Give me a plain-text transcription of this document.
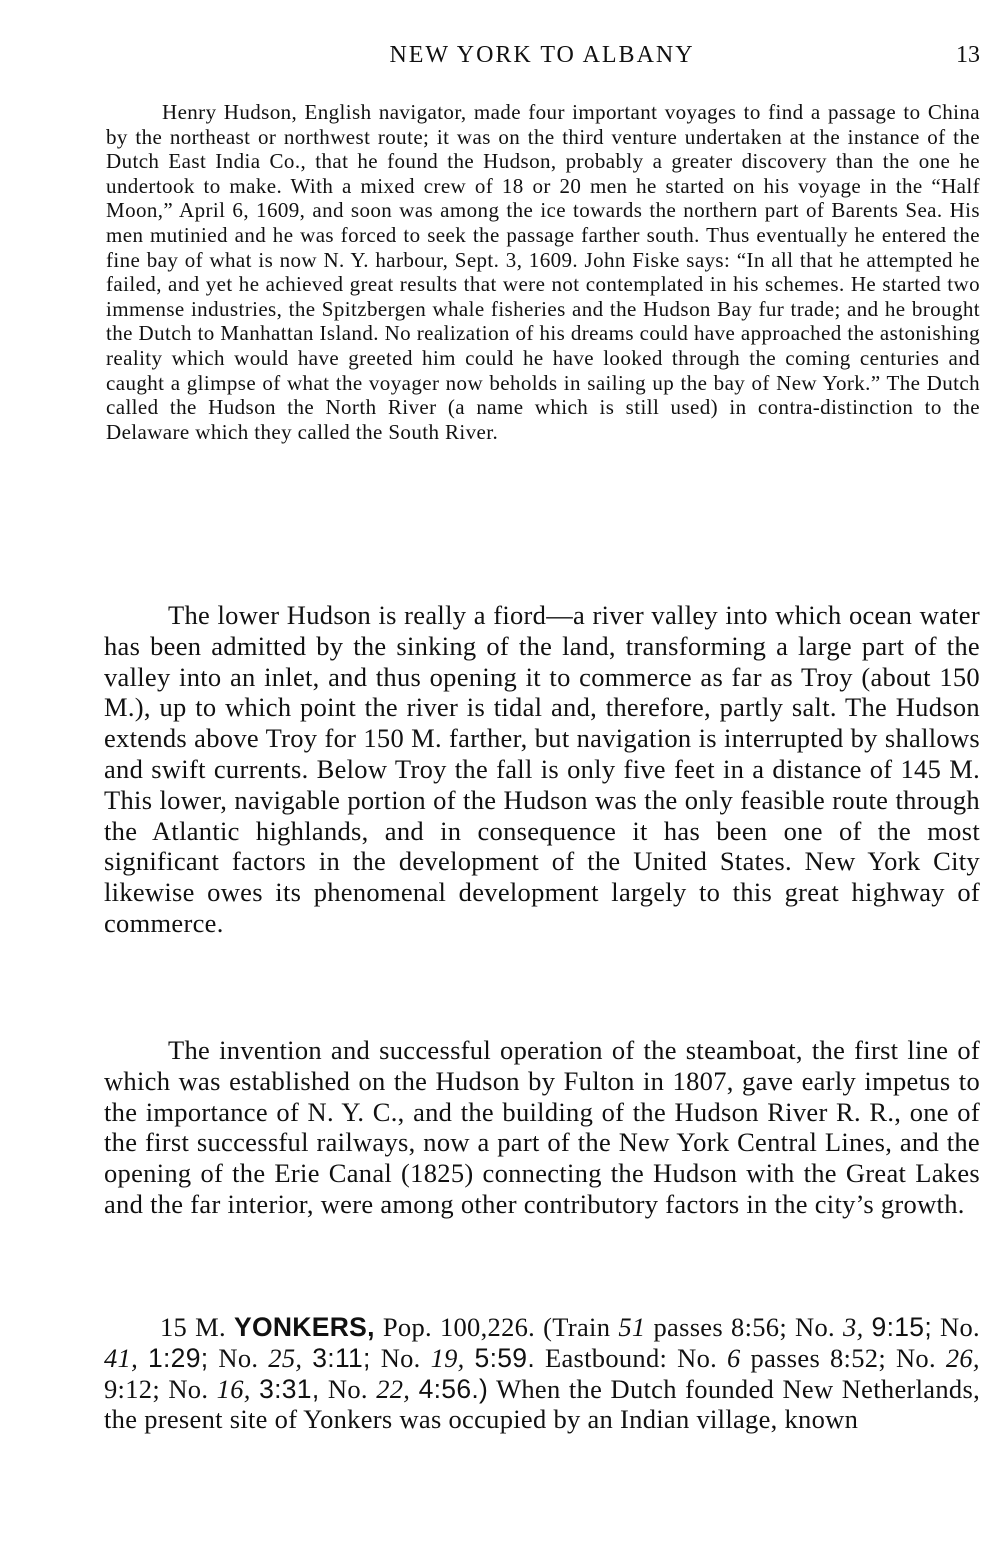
NEW YORK TO ALBANY	13

Henry Hudson, English navigator, made four important voyages to find a passage to China by the northeast or northwest route; it was on the third venture undertaken at the instance of the Dutch East India Co., that he found the Hudson, probably a greater discovery than the one he undertook to make. With a mixed crew of 18 or 20 men he started on his voyage in the “Half Moon,” April 6, 1609, and soon was among the ice towards the northern part of Barents Sea. His men mutinied and he was forced to seek the passage farther south. Thus eventually he entered the fine bay of what is now N. Y. harbour, Sept. 3, 1609. John Fiske says: “In all that he attempted he failed, and yet he achieved great results that were not contemplated in his schemes. He started two immense industries, the Spitzbergen whale fisheries and the Hudson Bay fur trade; and he brought the Dutch to Manhattan Island. No realization of his dreams could have approached the astonishing reality which would have greeted him could he have looked through the coming centuries and caught a glimpse of what the voyager now beholds in sailing up the bay of New York.” The Dutch called the Hudson the North River (a name which is still used) in contra-distinction to the Delaware which they called the South River.

The lower Hudson is really a fiord—a river valley into which ocean water has been admitted by the sinking of the land, transforming a large part of the valley into an inlet, and thus opening it to commerce as far as Troy (about 150 M.), up to which point the river is tidal and, therefore, partly salt. The Hudson extends above Troy for 150 M. farther, but navigation is interrupted by shallows and swift currents. Below Troy the fall is only five feet in a distance of 145 M. This lower, navigable portion of the Hudson was the only feasible route through the Atlantic highlands, and in consequence it has been one of the most significant factors in the development of the United States. New York City likewise owes its phenomenal development largely to this great highway of commerce.

The invention and successful operation of the steamboat, the first line of which was established on the Hudson by Fulton in 1807, gave early impetus to the importance of N. Y. C., and the building of the Hudson River R. R., one of the first successful railways, now a part of the New York Central Lines, and the opening of the Erie Canal (1825) connecting the Hudson with the Great Lakes and the far interior, were among other contributory factors in the city’s growth.

15 M. YONKERS, Pop. 100,226. (Train 51 passes 8:56; No. 3, 9:15; No. 41, 1:29; No. 25, 3:11; No. 19, 5:59. Eastbound: No. 6 passes 8:52; No. 26, 9:12; No. 16, 3:31, No. 22, 4:56.) When the Dutch founded New Netherlands, the present site of Yonkers was occupied by an Indian village, known
